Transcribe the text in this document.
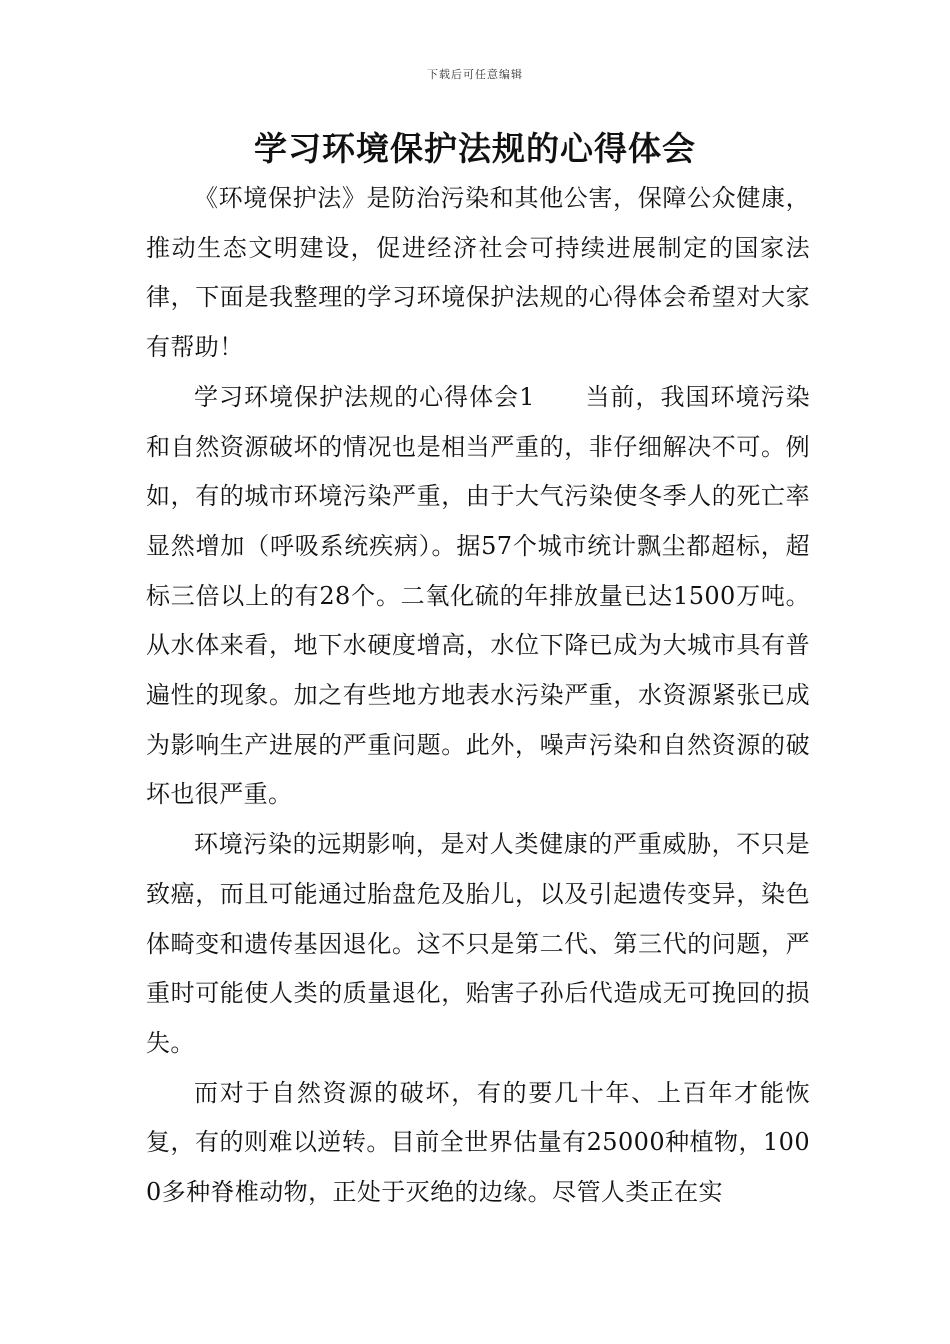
下载后可任意编辑
学习环境保护法规的心得体会

《环境保护法》是防治污染和其他公害，保障公众健康，推动生态文明建设，促进经济社会可持续进展制定的国家法律，下面是我整理的学习环境保护法规的心得体会希望对大家有帮助！

学习环境保护法规的心得体会1　　当前，我国环境污染和自然资源破坏的情况也是相当严重的，非仔细解决不可。例如，有的城市环境污染严重，由于大气污染使冬季人的死亡率显然增加（呼吸系统疾病）。据57个城市统计飘尘都超标，超标三倍以上的有28个。二氧化硫的年排放量已达1500万吨。从水体来看，地下水硬度增高，水位下降已成为大城市具有普遍性的现象。加之有些地方地表水污染严重，水资源紧张已成为影响生产进展的严重问题。此外，噪声污染和自然资源的破坏也很严重。

环境污染的远期影响，是对人类健康的严重威胁，不只是致癌，而且可能通过胎盘危及胎儿，以及引起遗传变异，染色体畸变和遗传基因退化。这不只是第二代、第三代的问题，严重时可能使人类的质量退化，贻害子孙后代造成无可挽回的损失。

而对于自然资源的破坏，有的要几十年、上百年才能恢复，有的则难以逆转。目前全世界估量有25000种植物，1000多种脊椎动物，正处于灭绝的边缘。尽管人类正在实
